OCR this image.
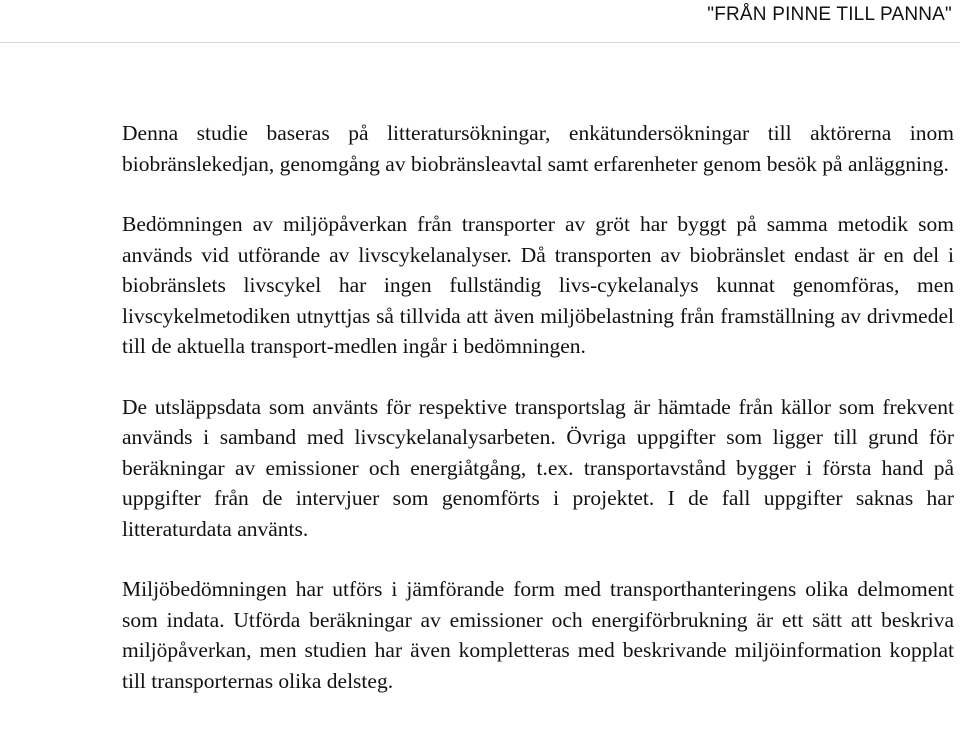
"FRÅN PINNE TILL PANNA"

Denna studie baseras på litteratursökningar, enkätundersökningar till aktörerna inom biobränslekedjan, genomgång av biobränsleavtal samt erfarenheter genom besök på anläggning.

Bedömningen av miljöpåverkan från transporter av gröt har byggt på samma metodik som används vid utförande av livscykelanalyser. Då transporten av biobränslet endast är en del i biobränslets livscykel har ingen fullständig livs-cykelanalys kunnat genomföras, men livscykelmetodiken utnyttjas så tillvida att även miljöbelastning från framställning av drivmedel till de aktuella transport-medlen ingår i bedömningen.

De utsläppsdata som använts för respektive transportslag är hämtade från källor som frekvent används i samband med livscykelanalysarbeten. Övriga uppgifter som ligger till grund för beräkningar av emissioner och energiåtgång, t.ex. transportavstånd bygger i första hand på uppgifter från de intervjuer som genomförts i projektet. I de fall uppgifter saknas har litteraturdata använts.

Miljöbedömningen har utförs i jämförande form med transporthanteringens olika delmoment som indata. Utförda beräkningar av emissioner och energiförbrukning är ett sätt att beskriva miljöpåverkan, men studien har även kompletteras med beskrivande miljöinformation kopplat till transporternas olika delsteg.
